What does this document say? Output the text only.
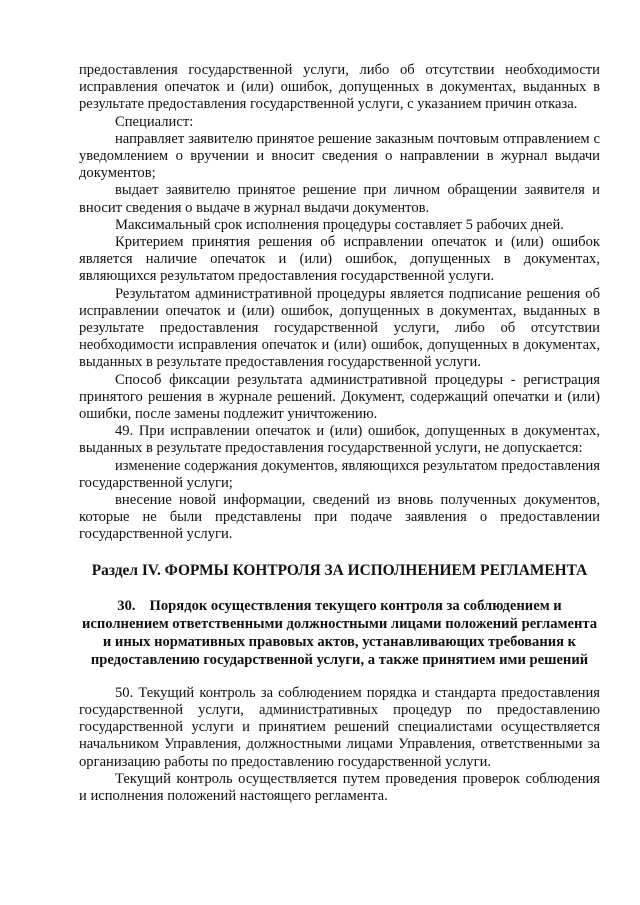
предоставления государственной услуги, либо об отсутствии необходимости исправления опечаток и (или) ошибок, допущенных в документах, выданных в результате предоставления государственной услуги, с указанием причин отказа.

Специалист:

направляет заявителю принятое решение заказным почтовым отправлением с уведомлением о вручении и вносит сведения о направлении в журнал выдачи документов;

выдает заявителю принятое решение при личном обращении заявителя и вносит сведения о выдаче в журнал выдачи документов.

Максимальный срок исполнения процедуры составляет 5 рабочих дней.

Критерием принятия решения об исправлении опечаток и (или) ошибок является наличие опечаток и (или) ошибок, допущенных в документах, являющихся результатом предоставления государственной услуги.

Результатом административной процедуры является подписание решения об исправлении опечаток и (или) ошибок, допущенных в документах, выданных в результате предоставления государственной услуги, либо об отсутствии необходимости исправления опечаток и (или) ошибок, допущенных в документах, выданных в результате предоставления государственной услуги.

Способ фиксации результата административной процедуры - регистрация принятого решения в журнале решений. Документ, содержащий опечатки и (или) ошибки, после замены подлежит уничтожению.

49. При исправлении опечаток и (или) ошибок, допущенных в документах, выданных в результате предоставления государственной услуги, не допускается:

изменение содержания документов, являющихся результатом предоставления государственной услуги;

внесение новой информации, сведений из вновь полученных документов, которые не были представлены при подаче заявления о предоставлении государственной услуги.

Раздел IV. ФОРМЫ КОНТРОЛЯ ЗА ИСПОЛНЕНИЕМ РЕГЛАМЕНТА
30. Порядок осуществления текущего контроля за соблюдением и исполнением ответственными должностными лицами положений регламента и иных нормативных правовых актов, устанавливающих требования к предоставлению государственной услуги, а также принятием ими решений

50. Текущий контроль за соблюдением порядка и стандарта предоставления государственной услуги, административных процедур по предоставлению государственной услуги и принятием решений специалистами осуществляется начальником Управления, должностными лицами Управления, ответственными за организацию работы по предоставлению государственной услуги.

Текущий контроль осуществляется путем проведения проверок соблюдения и исполнения положений настоящего регламента.
